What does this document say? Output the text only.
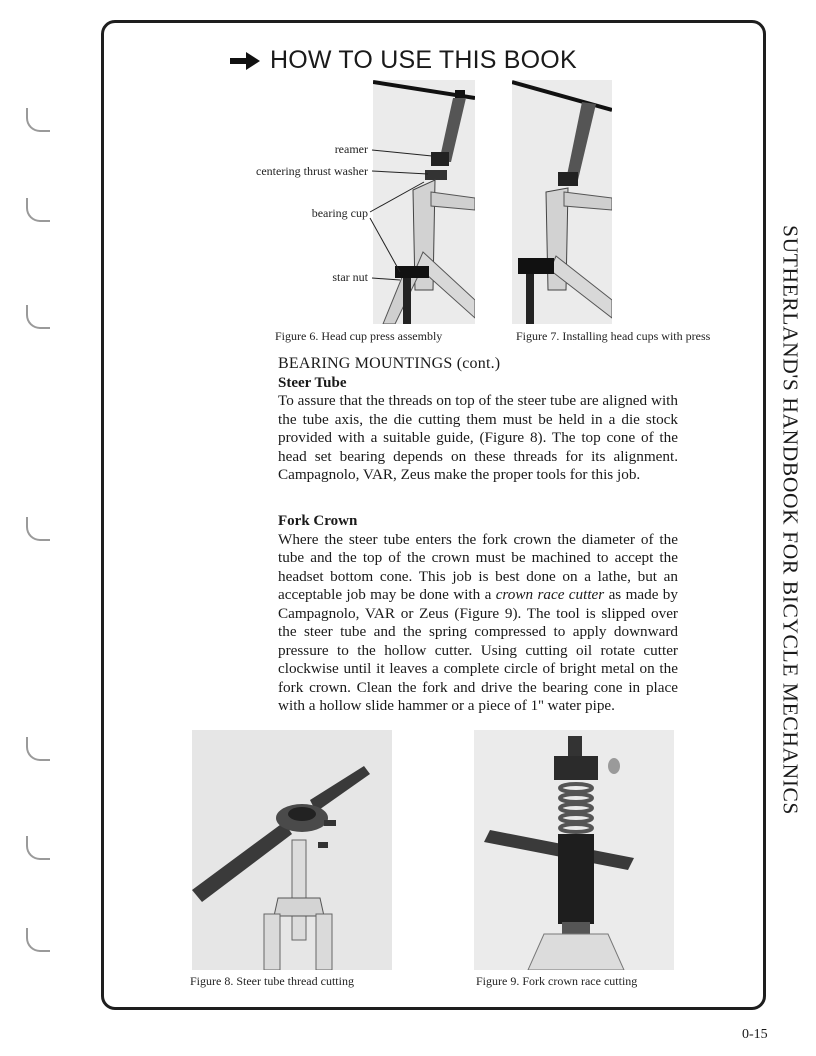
HOW TO USE THIS BOOK
reamer
centering thrust washer
bearing cup
star nut
Figure 6. Head cup press assembly	Figure 7. Installing head cups with press

BEARING MOUNTINGS (cont.)

Steer Tube

To assure that the threads on top of the steer tube are aligned with the tube axis, the die cutting them must be held in a die stock provided with a suitable guide, (Figure 8). The top cone of the head set bearing depends on these threads for its alignment. Campagnolo, VAR, Zeus make the proper tools for this job.

Fork Crown

Where the steer tube enters the fork crown the diameter of the tube and the top of the crown must be machined to accept the headset bottom cone. This job is best done on a lathe, but an acceptable job may be done with a crown race cutter as made by Campagnolo, VAR or Zeus (Figure 9). The tool is slipped over the steer tube and the spring compressed to apply downward pressure to the hollow cutter. Using cutting oil rotate cutter clockwise until it leaves a complete circle of bright metal on the fork crown. Clean the fork and drive the bearing cone in place with a hollow slide hammer or a piece of 1'' water pipe.

Figure 8. Steer tube thread cutting	Figure 9. Fork crown race cutting
SUTHERLAND'S HANDBOOK FOR BICYCLE MECHANICS
0-15
